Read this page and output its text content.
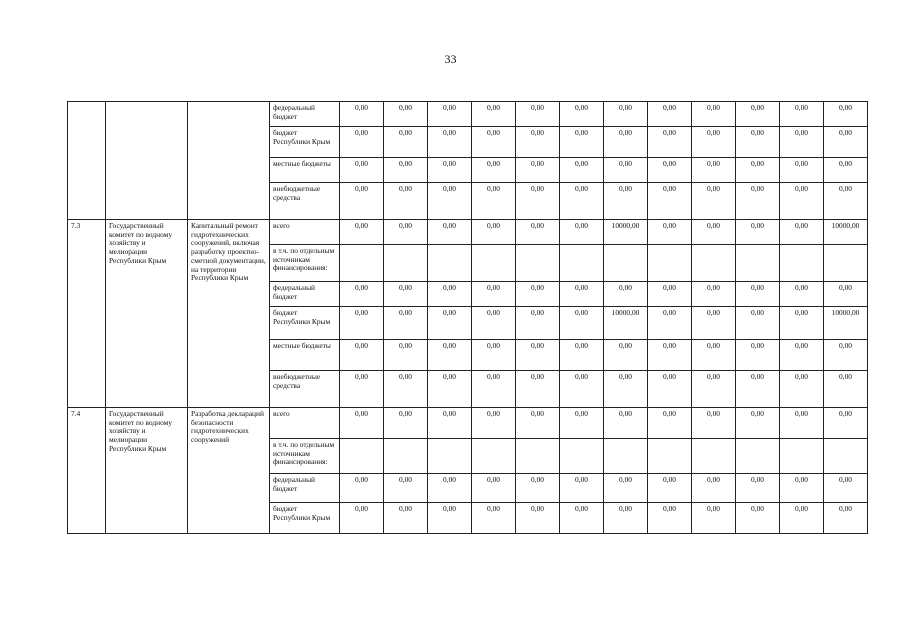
33
			федеральный бюджет	0,00	0,00	0,00	0,00	0,00	0,00	0,00	0,00	0,00	0,00	0,00	0,00
			бюджет Республики Крым	0,00	0,00	0,00	0,00	0,00	0,00	0,00	0,00	0,00	0,00	0,00	0,00
			местные бюджеты	0,00	0,00	0,00	0,00	0,00	0,00	0,00	0,00	0,00	0,00	0,00	0,00
			внебюджетные средства	0,00	0,00	0,00	0,00	0,00	0,00	0,00	0,00	0,00	0,00	0,00	0,00
7.3	Государственный комитет по водному хозяйству и мелиорации Республики Крым	Капитальный ремонт гидротехнических сооружений, включая разработку проектно-сметной документации, на территории Республики Крым	всего	0,00	0,00	0,00	0,00	0,00	0,00	10000,00	0,00	0,00	0,00	0,00	10000,00
			в т.ч. по отдельным источникам финансирования:												
			федеральный бюджет	0,00	0,00	0,00	0,00	0,00	0,00	0,00	0,00	0,00	0,00	0,00	0,00
			бюджет Республики Крым	0,00	0,00	0,00	0,00	0,00	0,00	10000,00	0,00	0,00	0,00	0,00	10000,00
			местные бюджеты	0,00	0,00	0,00	0,00	0,00	0,00	0,00	0,00	0,00	0,00	0,00	0,00
			внебюджетные средства	0,00	0,00	0,00	0,00	0,00	0,00	0,00	0,00	0,00	0,00	0,00	0,00
7.4	Государственный комитет по водному хозяйству и мелиорации Республики Крым	Разработка деклараций безопасности гидротехнических сооружений	всего	0,00	0,00	0,00	0,00	0,00	0,00	0,00	0,00	0,00	0,00	0,00	0,00
			в т.ч. по отдельным источникам финансирования:												
			федеральный бюджет	0,00	0,00	0,00	0,00	0,00	0,00	0,00	0,00	0,00	0,00	0,00	0,00
			бюджет Республики Крым	0,00	0,00	0,00	0,00	0,00	0,00	0,00	0,00	0,00	0,00	0,00	0,00
